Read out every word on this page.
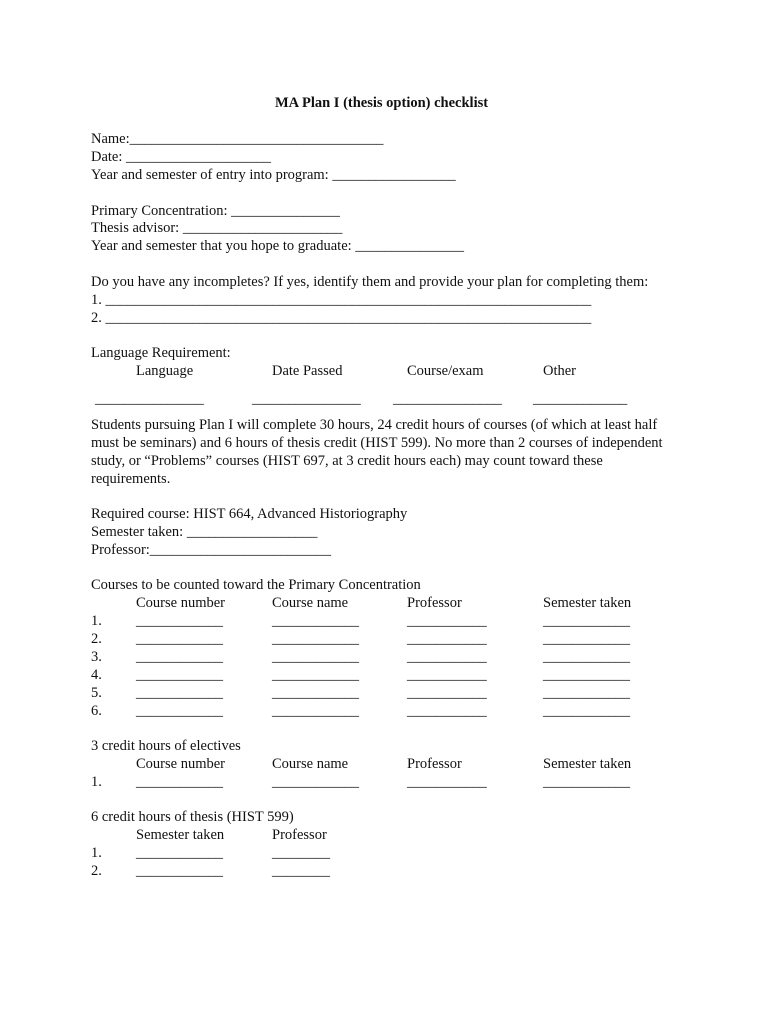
MA Plan I (thesis option) checklist
Name:___________________________________
Date: ____________________
Year and semester of entry into program: _________________
Primary Concentration: _______________
Thesis advisor: ______________________
Year and semester that you hope to graduate: _______________
Do you have any incompletes? If yes, identify them and provide your plan for completing them:
1. ___________________________________________________________________
2. ___________________________________________________________________
Language Requirement:
Language	Date Passed	Course/exam	Other
_______________	_______________ _______________ _____________
Students pursuing Plan I will complete 30 hours, 24 credit hours of courses (of which at least half must be seminars) and 6 hours of thesis credit (HIST 599). No more than 2 courses of independent study, or “Problems” courses (HIST 697, at 3 credit hours each) may count toward these requirements.
Required course: HIST 664, Advanced Historiography
Semester taken: __________________
Professor:_________________________
Courses to be counted toward the Primary Concentration
Course number	Course name	Professor	Semester taken
1. ____________	____________	___________	____________
2. ____________	____________	___________	____________
3. ____________	____________	___________	____________
4. ____________	____________	___________	____________
5. ____________	____________	___________	____________
6. ____________	____________	___________	____________
3 credit hours of electives
Course number	Course name	Professor	Semester taken
1. ____________	____________	___________	____________
6 credit hours of thesis (HIST 599)
Semester taken	Professor
1. ____________	________
2. ____________	________
